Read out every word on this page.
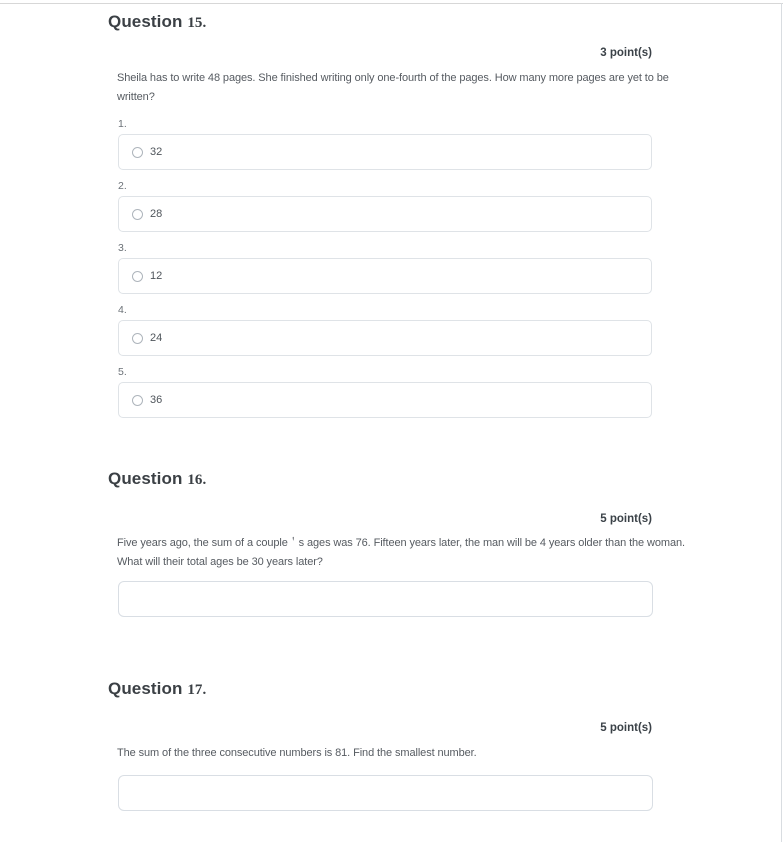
Question 15.
3 point(s)
Sheila has to write 48 pages. She finished writing only one-fourth of the pages. How many more pages are yet to be
written?
1.
32
2.
28
3.
12
4.
24
5.
36
Question 16.
5 point(s)
Five years ago, the sum of a couple＇s ages was 76. Fifteen years later, the man will be 4 years older than the woman.
What will their total ages be 30 years later?
Question 17.
5 point(s)
The sum of the three consecutive numbers is 81. Find the smallest number.
